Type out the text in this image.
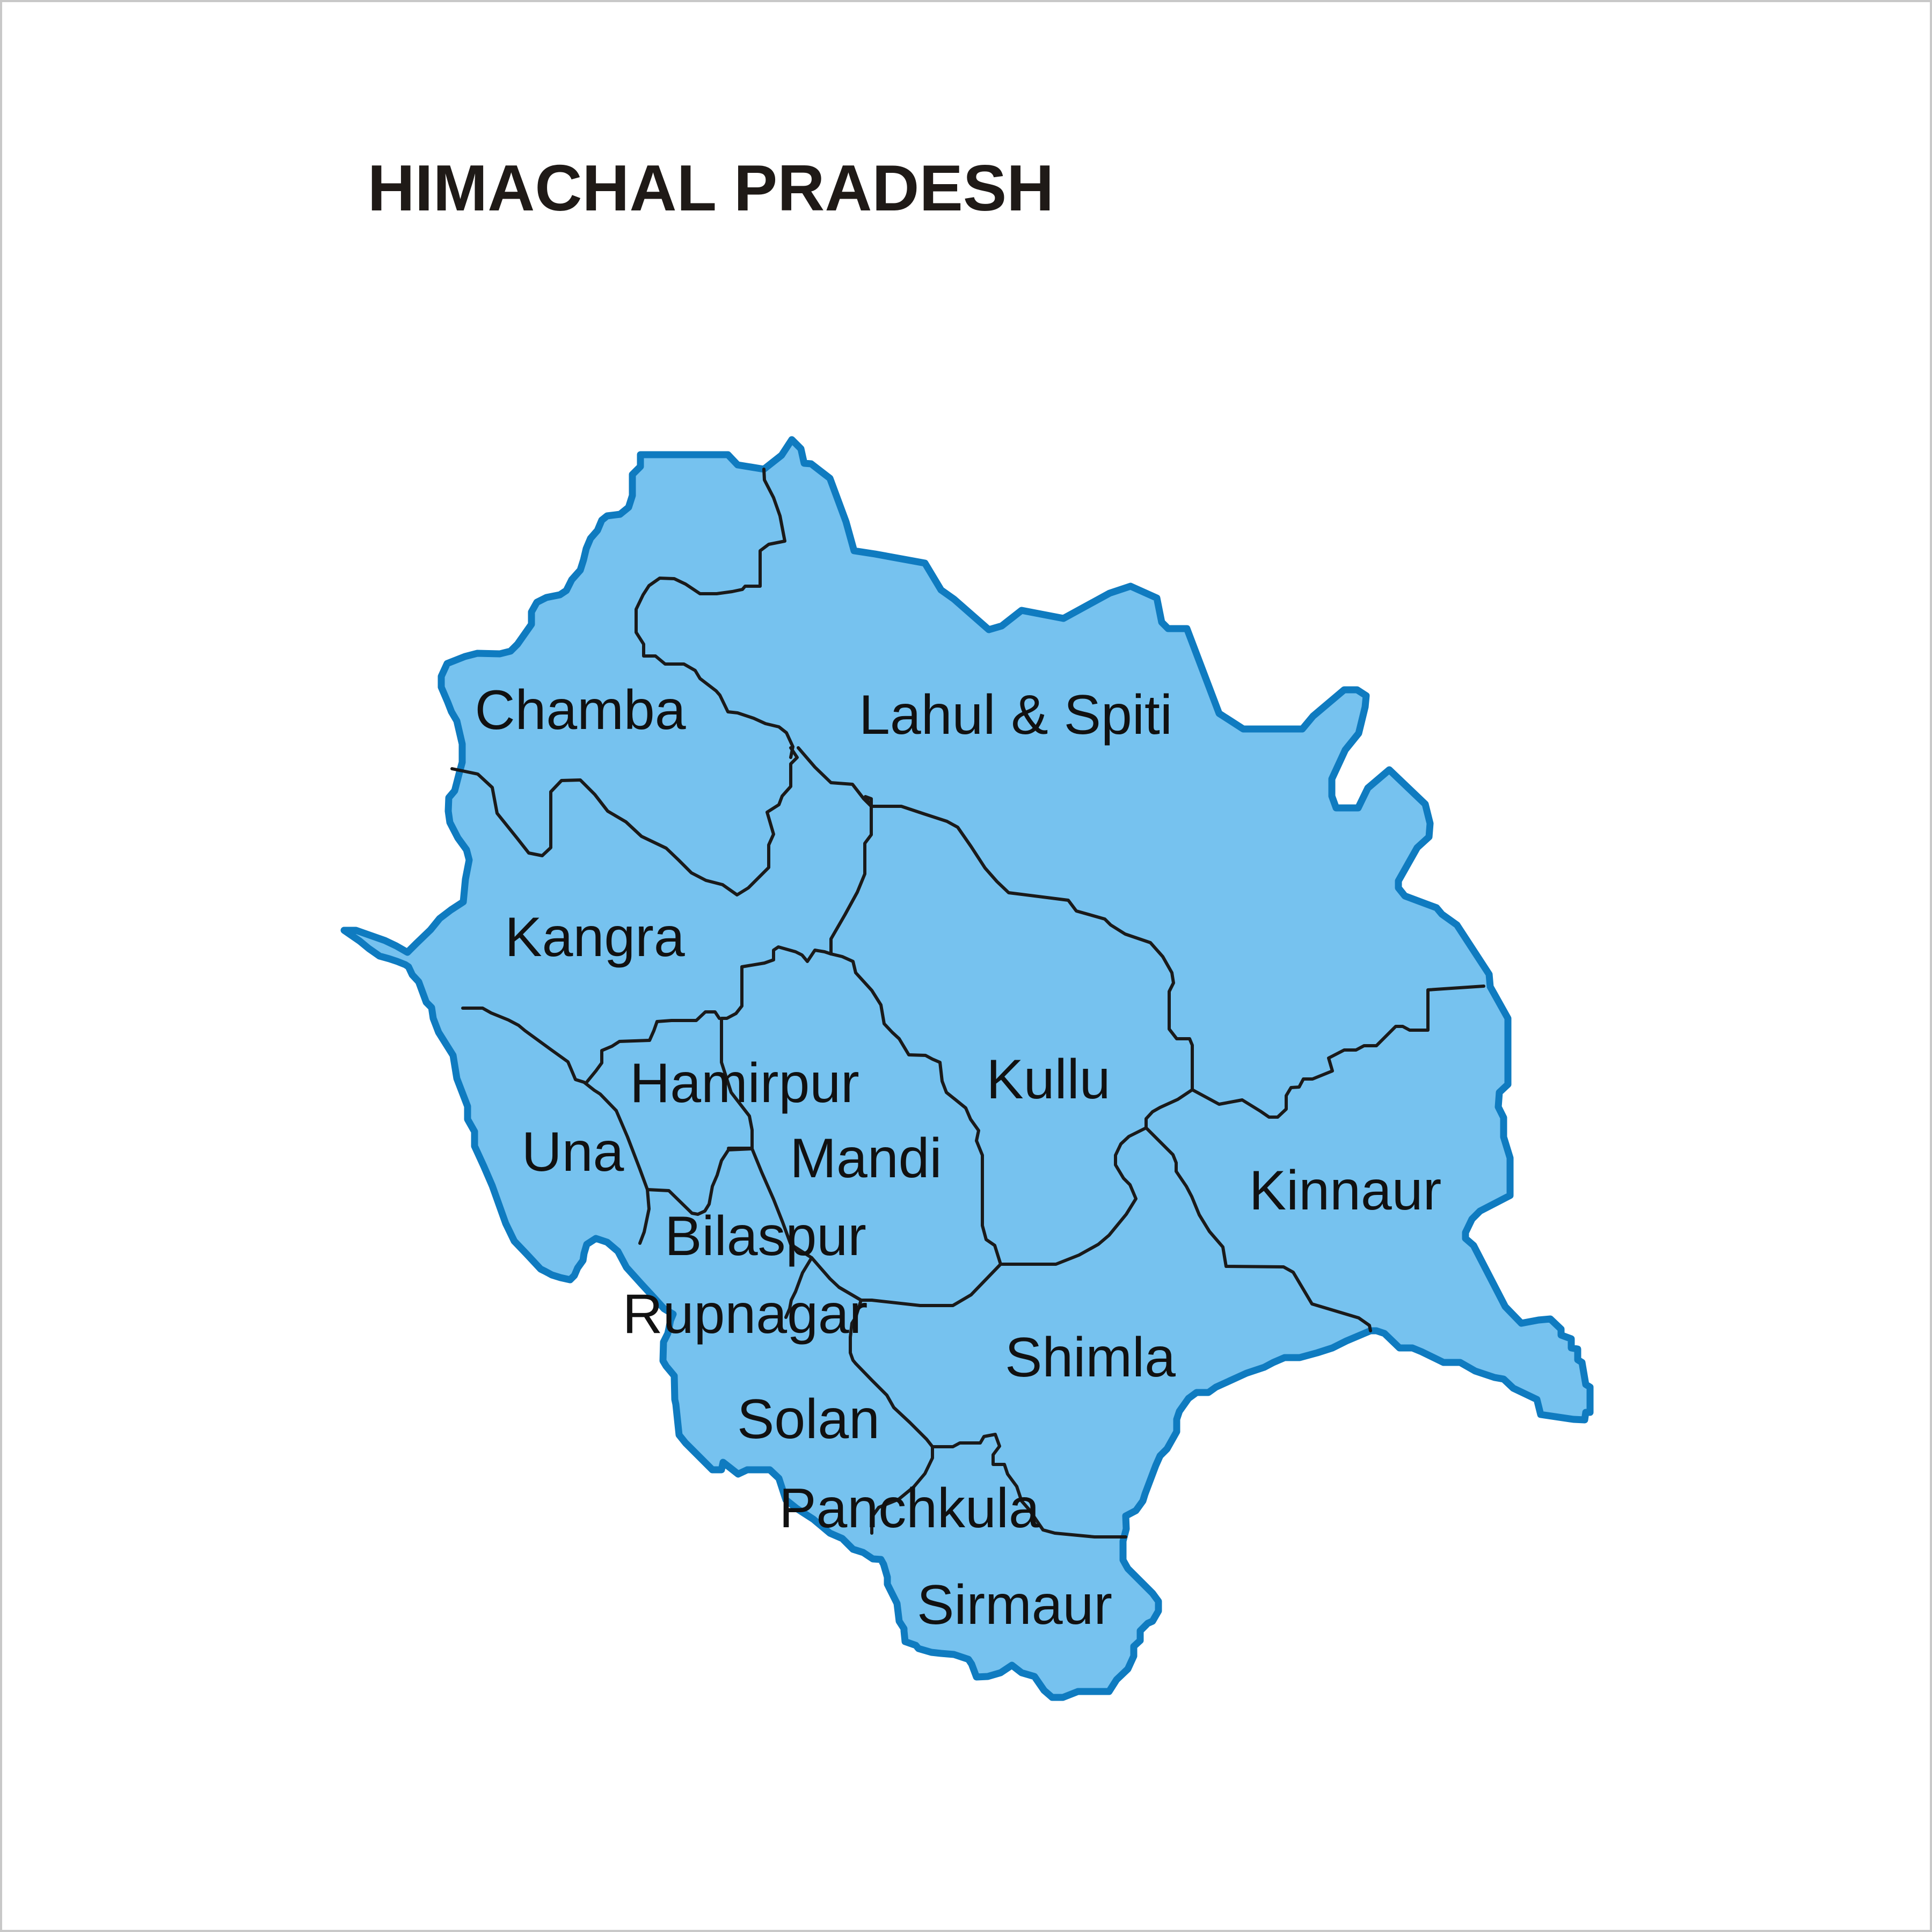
HIMACHAL PRADESH
Chamba	Lahul & Spiti
Kangra
Hamirpur Kullu
Una	Mandi
Kinnaur
Bilaspur
Rupnagar
Shimla
Solan
Panchkula
Sirmaur
